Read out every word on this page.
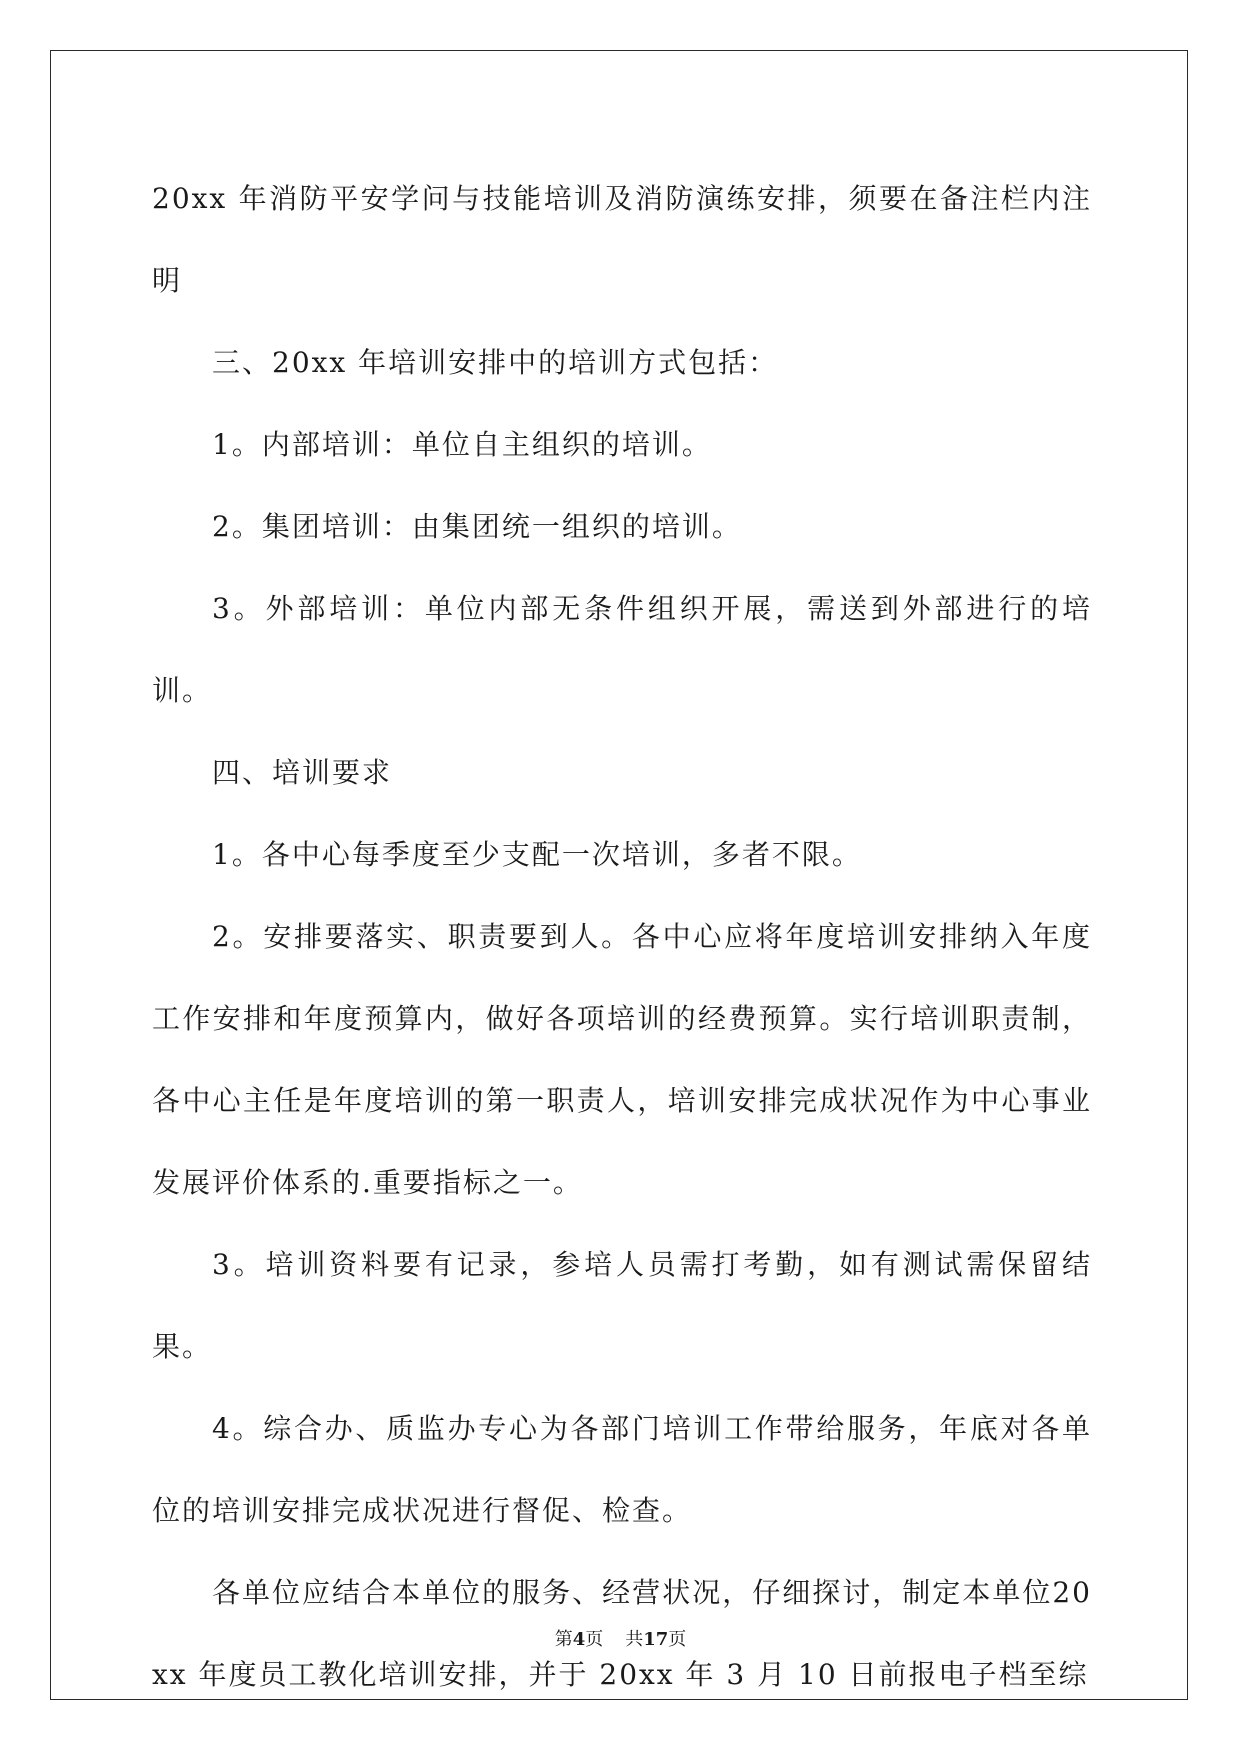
20xx 年消防平安学问与技能培训及消防演练安排，须要在备注栏内注明

三、20xx 年培训安排中的培训方式包括：

1。内部培训：单位自主组织的培训。

2。集团培训：由集团统一组织的培训。

3。外部培训：单位内部无条件组织开展，需送到外部进行的培训。

四、培训要求

1。各中心每季度至少支配一次培训，多者不限。

2。安排要落实、职责要到人。各中心应将年度培训安排纳入年度工作安排和年度预算内，做好各项培训的经费预算。实行培训职责制，各中心主任是年度培训的第一职责人，培训安排完成状况作为中心事业发展评价体系的.重要指标之一。

3。培训资料要有记录，参培人员需打考勤，如有测试需保留结果。

4。综合办、质监办专心为各部门培训工作带给服务，年底对各单位的培训安排完成状况进行督促、检查。

各单位应结合本单位的服务、经营状况，仔细探讨，制定本单位20xx 年度员工教化培训安排，并于 20xx 年 3 月 10 日前报电子档至综

第4页 共17页
